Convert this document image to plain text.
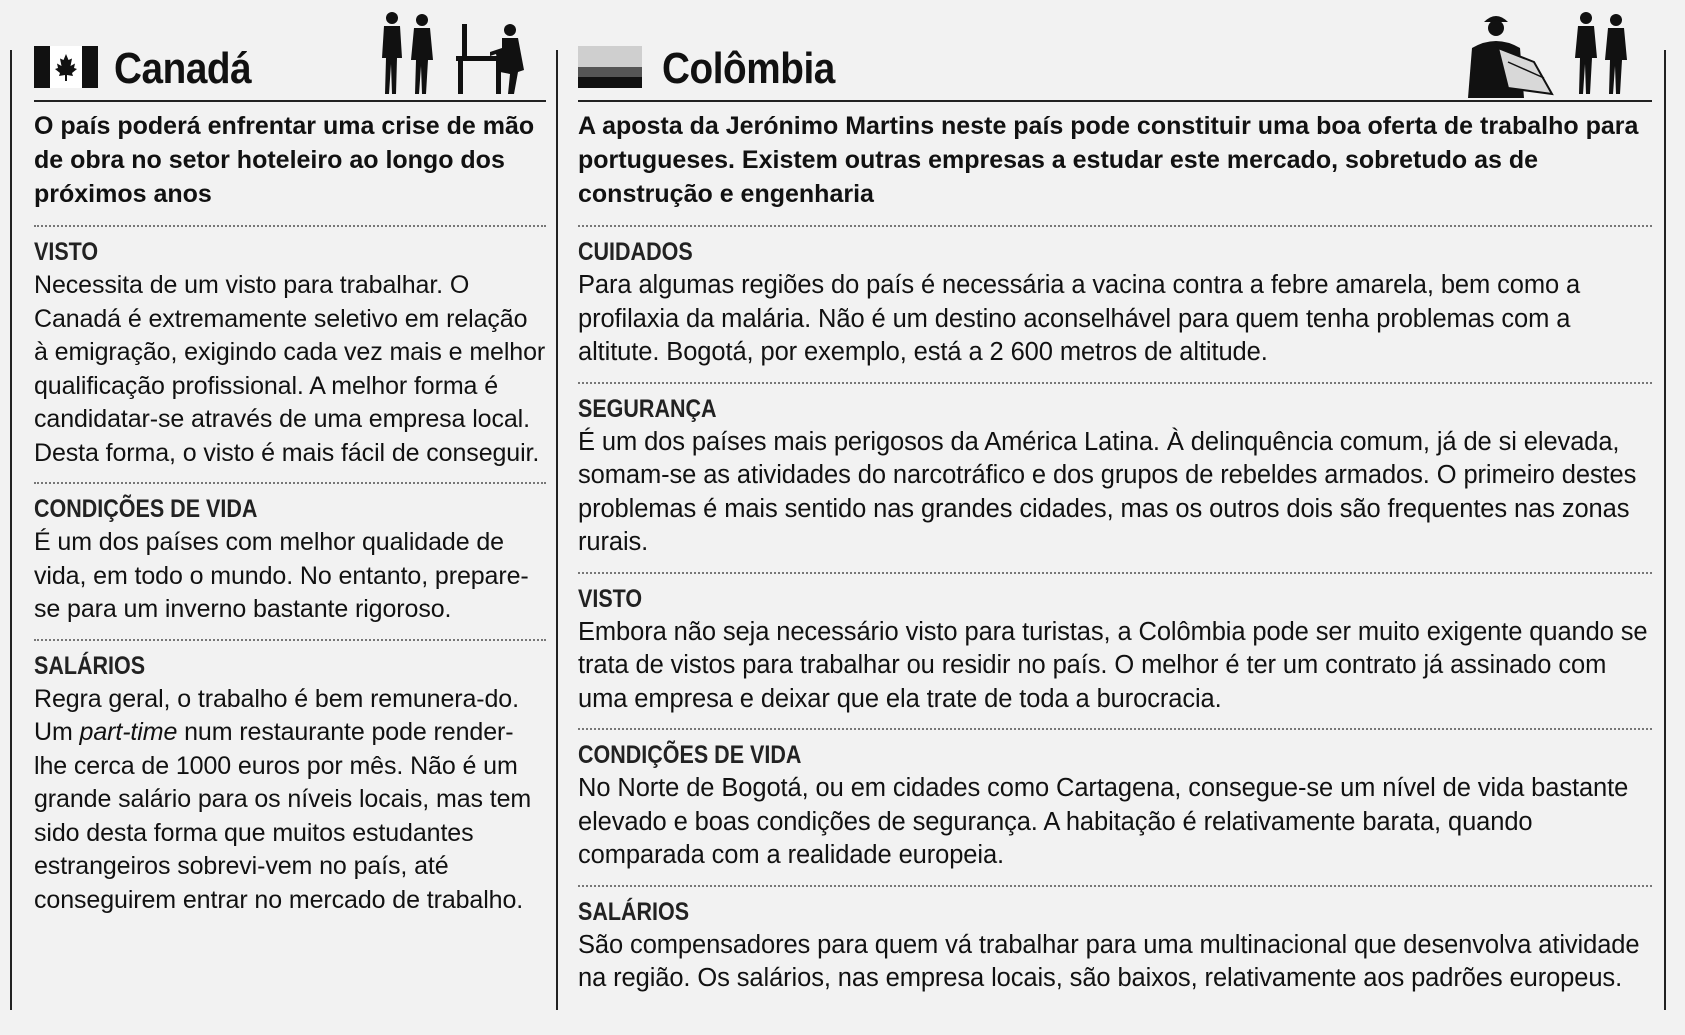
Canadá
O país poderá enfrentar uma crise de mão de obra no setor hoteleiro ao longo dos próximos anos
VISTO
Necessita de um visto para trabalhar. O Canadá é extremamente seletivo em relação à emigração, exigindo cada vez mais e melhor qualificação profissional. A melhor forma é candidatar-se através de uma empresa local. Desta forma, o visto é mais fácil de conseguir.
CONDIÇÕES DE VIDA
É um dos países com melhor qualidade de vida, em todo o mundo. No entanto, prepare-se para um inverno bastante rigoroso.
SALÁRIOS
Regra geral, o trabalho é bem remunera-do. Um part-time num restaurante pode render-lhe cerca de 1000 euros por mês. Não é um grande salário para os níveis locais, mas tem sido desta forma que muitos estudantes estrangeiros sobrevi-vem no país, até conseguirem entrar no mercado de trabalho.
Colômbia
A aposta da Jerónimo Martins neste país pode constituir uma boa oferta de trabalho para portugueses. Existem outras empresas a estudar este mercado, sobretudo as de construção e engenharia
CUIDADOS
Para algumas regiões do país é necessária a vacina contra a febre amarela, bem como a profilaxia da malária. Não é um destino aconselhável para quem tenha problemas com a altitute. Bogotá, por exemplo, está a 2 600 metros de altitude.
SEGURANÇA
É um dos países mais perigosos da América Latina. À delinquência comum, já de si elevada, somam-se as atividades do narcotráfico e dos grupos de rebeldes armados. O primeiro destes problemas é mais sentido nas grandes cidades, mas os outros dois são frequentes nas zonas rurais.
VISTO
Embora não seja necessário visto para turistas, a Colômbia pode ser muito exigente quando se trata de vistos para trabalhar ou residir no país. O melhor é ter um contrato já assinado com uma empresa e deixar que ela trate de toda a burocracia.
CONDIÇÕES DE VIDA
No Norte de Bogotá, ou em cidades como Cartagena, consegue-se um nível de vida bastante elevado e boas condições de segurança. A habitação é relativamente barata, quando comparada com a realidade europeia.
SALÁRIOS
São compensadores para quem vá trabalhar para uma multinacional que desenvolva atividade na região. Os salários, nas empresa locais, são baixos, relativamente aos padrões europeus.
